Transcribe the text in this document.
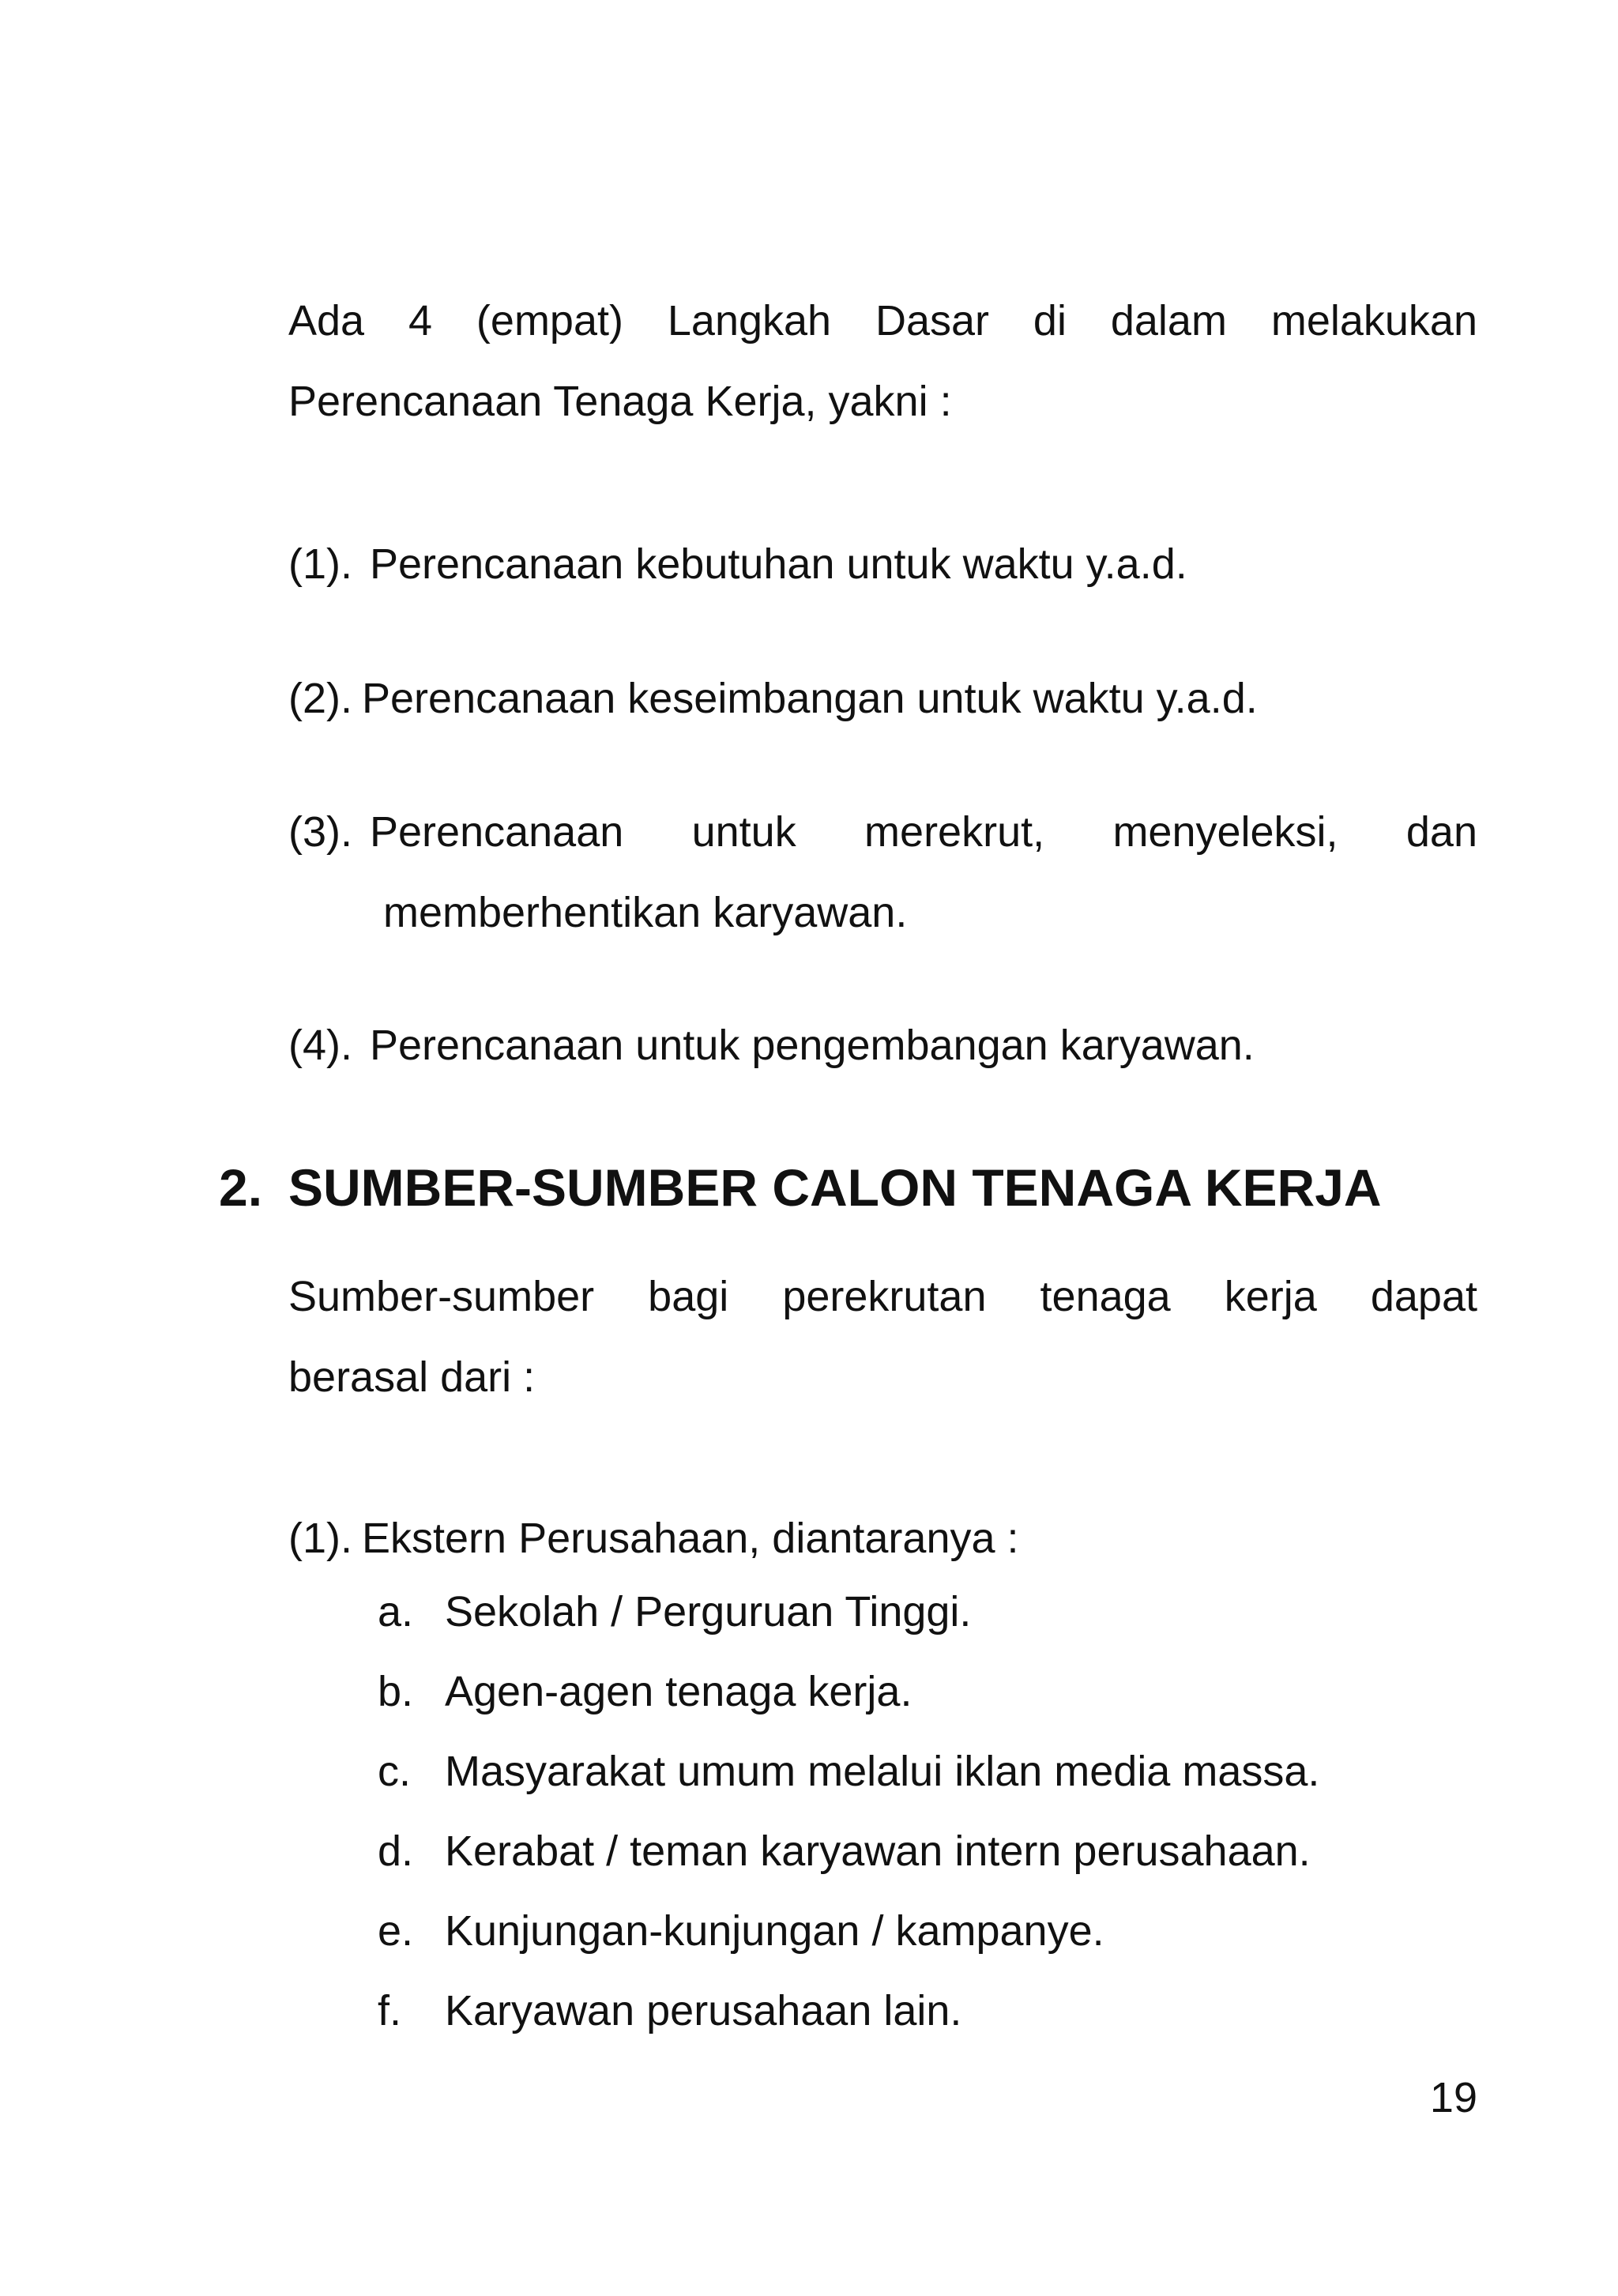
Ada 4 (empat) Langkah Dasar di dalam melakukan
Perencanaan Tenaga Kerja, yakni :
(1). Perencanaan kebutuhan untuk waktu y.a.d.
(2). Perencanaan keseimbangan untuk waktu y.a.d.
(3). Perencanaan untuk merekrut, menyeleksi, dan
memberhentikan karyawan.
(4). Perencanaan untuk pengembangan karyawan.
2. SUMBER-SUMBER CALON TENAGA KERJA
Sumber-sumber bagi perekrutan tenaga kerja dapat
berasal dari :
(1). Ekstern Perusahaan, diantaranya :
a. Sekolah / Perguruan Tinggi.
b. Agen-agen tenaga kerja.
c. Masyarakat umum melalui iklan media massa.
d. Kerabat / teman karyawan intern perusahaan.
e. Kunjungan-kunjungan / kampanye.
f.	Karyawan perusahaan lain.
19
